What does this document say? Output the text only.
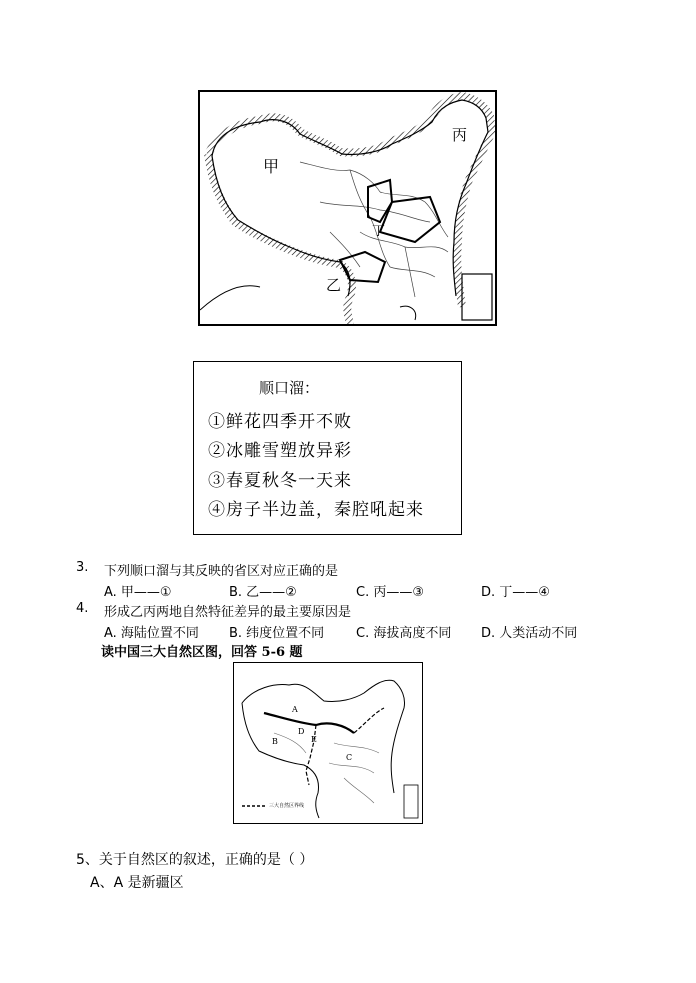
甲
乙
丙
丁
顺口溜：
①鲜花四季开不败
②冰雕雪塑放异彩
③春夏秋冬一天来
④房子半边盖，秦腔吼起来
3. 下列顺口溜与其反映的省区对应正确的是
A. 甲——①	B. 乙——②	C. 丙——③	D. 丁——④
4. 形成乙丙两地自然特征差异的最主要原因是
A. 海陆位置不同 B. 纬度位置不同 C. 海拔高度不同 D. 人类活动不同
读中国三大自然区图，回答 5-6 题
A
B
C
D
E
三大自然区界线
5、关于自然区的叙述，正确的是（ ）
A、A 是新疆区
